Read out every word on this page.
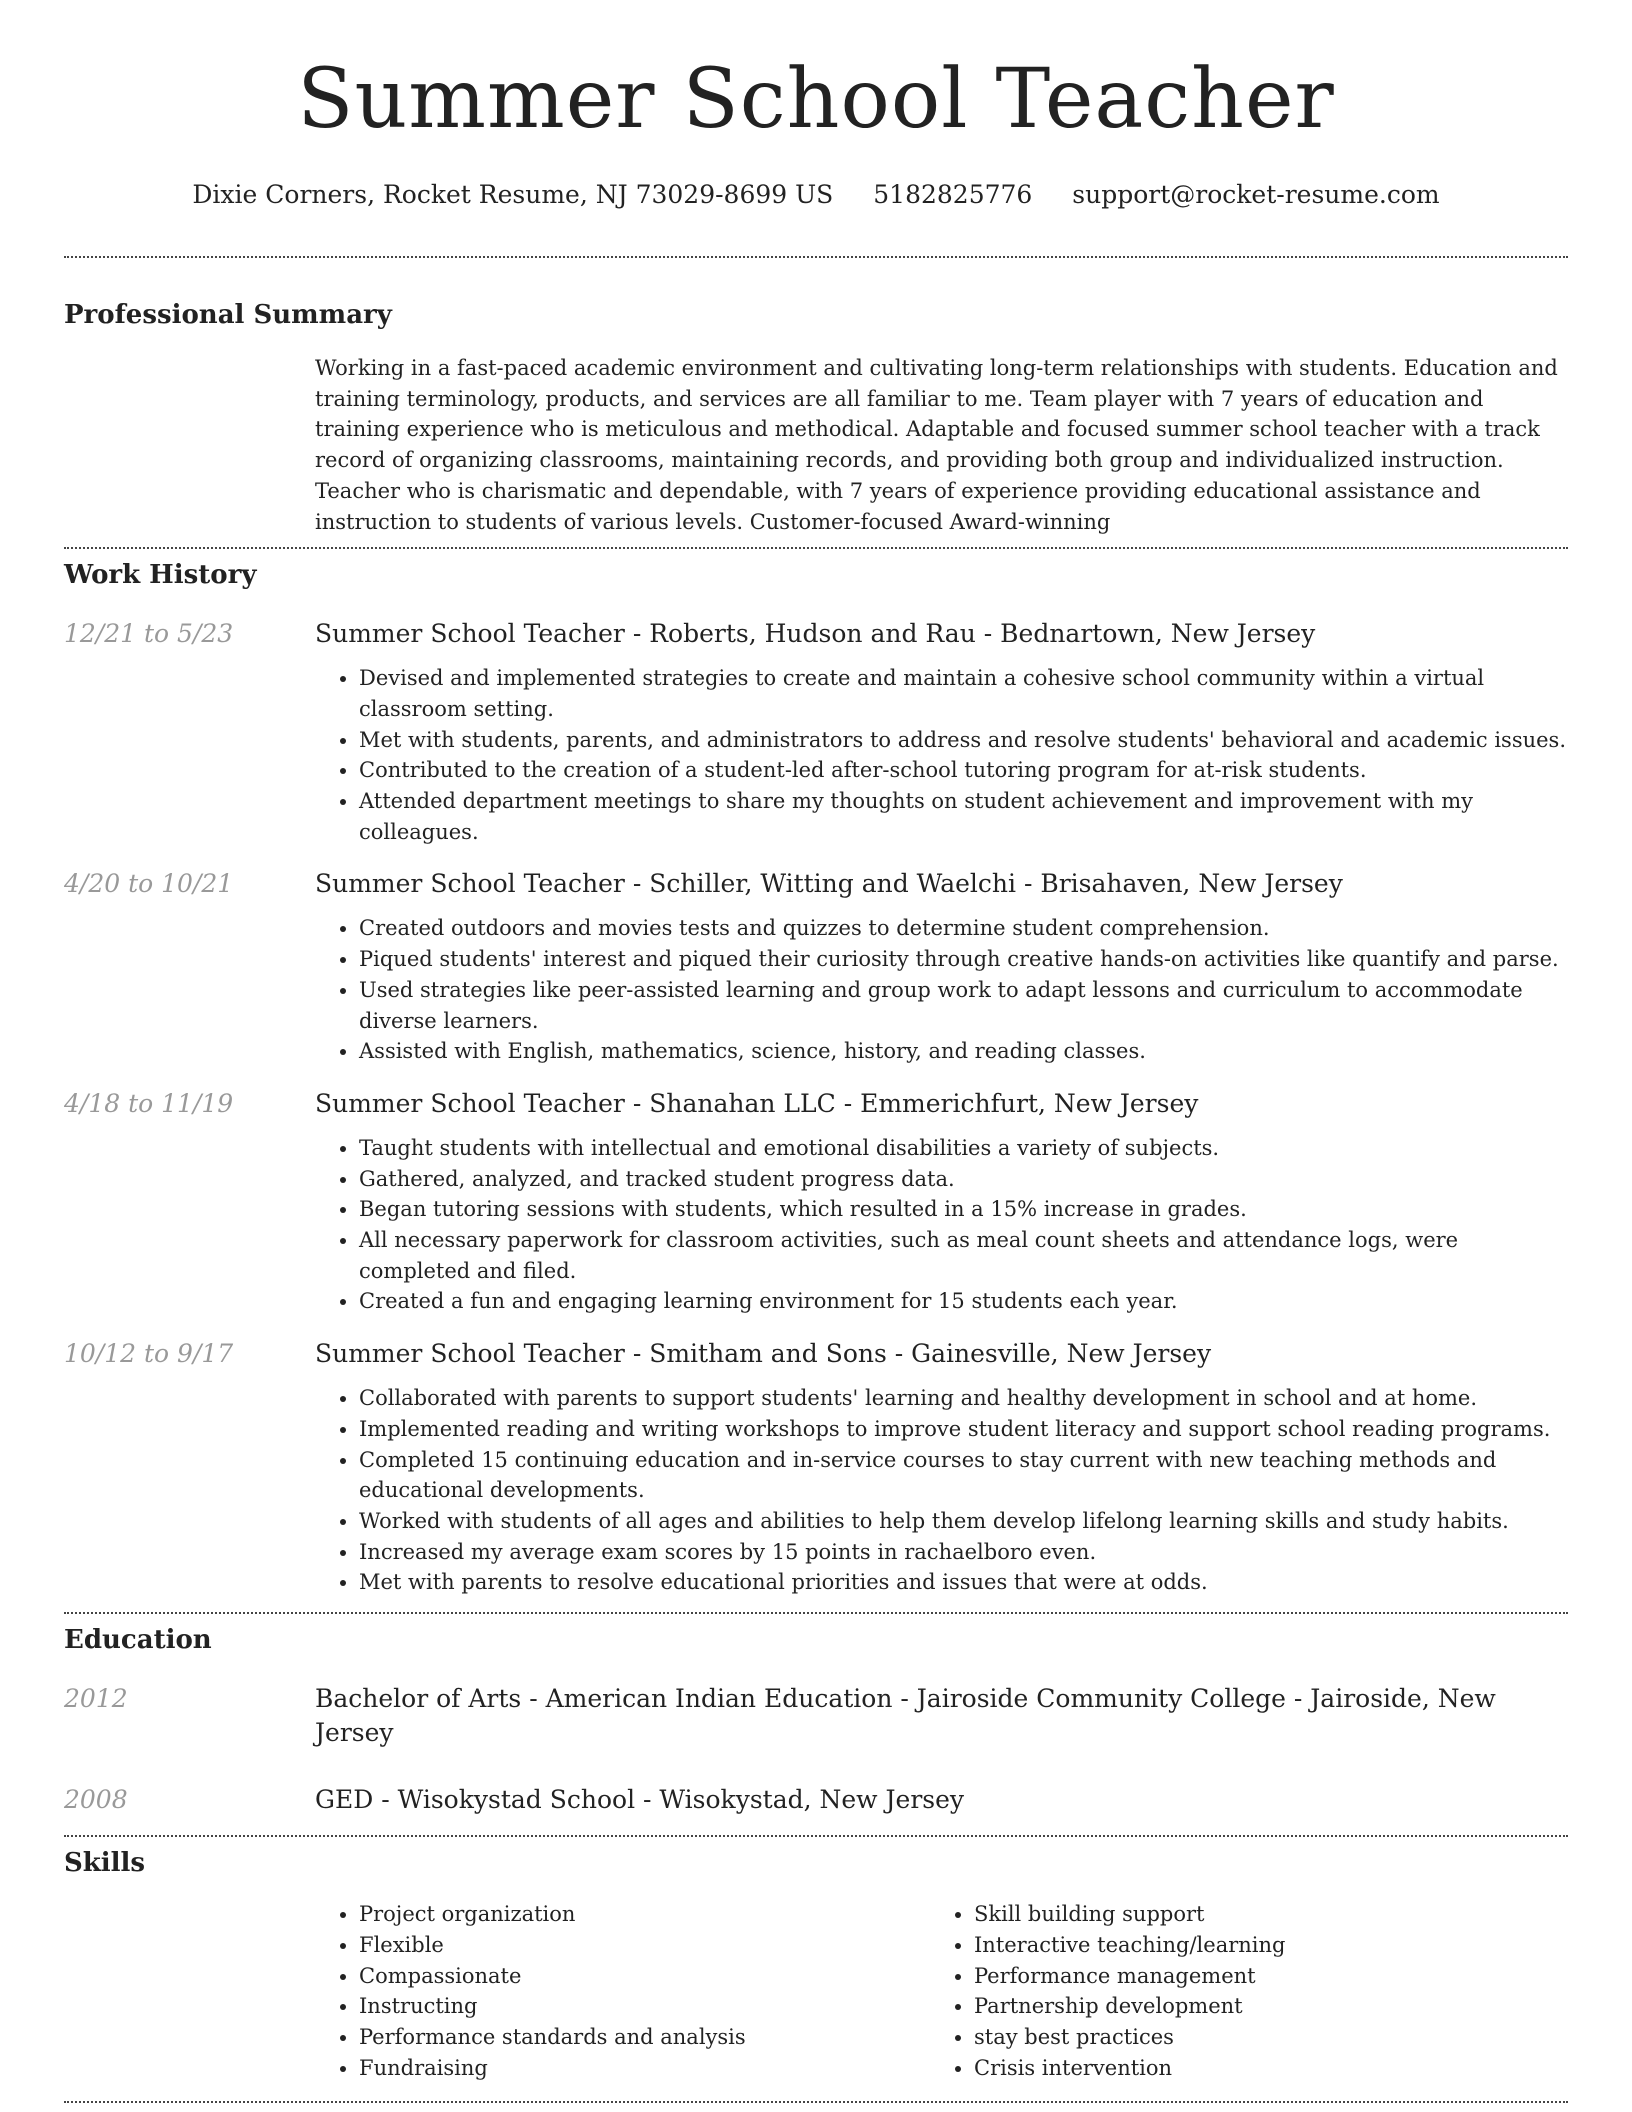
Summer School Teacher
Dixie Corners, Rocket Resume, NJ 73029-8699 US 5182825776 support@rocket-resume.com
Professional Summary
Working in a fast-paced academic environment and cultivating long-term relationships with students. Education and training terminology, products, and services are all familiar to me. Team player with 7 years of education and training experience who is meticulous and methodical. Adaptable and focused summer school teacher with a track record of organizing classrooms, maintaining records, and providing both group and individualized instruction. Teacher who is charismatic and dependable, with 7 years of experience providing educational assistance and instruction to students of various levels. Customer-focused Award-winning
Work History
12/21 to 5/23	Summer School Teacher - Roberts, Hudson and Rau - Bednartown, New Jersey
• Devised and implemented strategies to create and maintain a cohesive school community within a virtual classroom setting.
• Met with students, parents, and administrators to address and resolve students' behavioral and academic issues.
• Contributed to the creation of a student-led after-school tutoring program for at-risk students.
• Attended department meetings to share my thoughts on student achievement and improvement with my colleagues.
4/20 to 10/21	Summer School Teacher - Schiller, Witting and Waelchi - Brisahaven, New Jersey
• Created outdoors and movies tests and quizzes to determine student comprehension.
• Piqued students' interest and piqued their curiosity through creative hands-on activities like quantify and parse.
• Used strategies like peer-assisted learning and group work to adapt lessons and curriculum to accommodate diverse learners.
• Assisted with English, mathematics, science, history, and reading classes.
4/18 to 11/19	Summer School Teacher - Shanahan LLC - Emmerichfurt, New Jersey
• Taught students with intellectual and emotional disabilities a variety of subjects.
• Gathered, analyzed, and tracked student progress data.
• Began tutoring sessions with students, which resulted in a 15% increase in grades.
• All necessary paperwork for classroom activities, such as meal count sheets and attendance logs, were completed and filed.
• Created a fun and engaging learning environment for 15 students each year.
10/12 to 9/17	Summer School Teacher - Smitham and Sons - Gainesville, New Jersey
• Collaborated with parents to support students' learning and healthy development in school and at home.
• Implemented reading and writing workshops to improve student literacy and support school reading programs.
• Completed 15 continuing education and in-service courses to stay current with new teaching methods and educational developments.
• Worked with students of all ages and abilities to help them develop lifelong learning skills and study habits.
• Increased my average exam scores by 15 points in rachaelboro even.
• Met with parents to resolve educational priorities and issues that were at odds.
Education
2012	Bachelor of Arts - American Indian Education - Jairoside Community College - Jairoside, New Jersey
2008	GED - Wisokystad School - Wisokystad, New Jersey
Skills
• Project organization
• Flexible
• Compassionate
• Instructing
• Performance standards and analysis
• Fundraising
• Skill building support
• Interactive teaching/learning
• Performance management
• Partnership development
• stay best practices
• Crisis intervention
